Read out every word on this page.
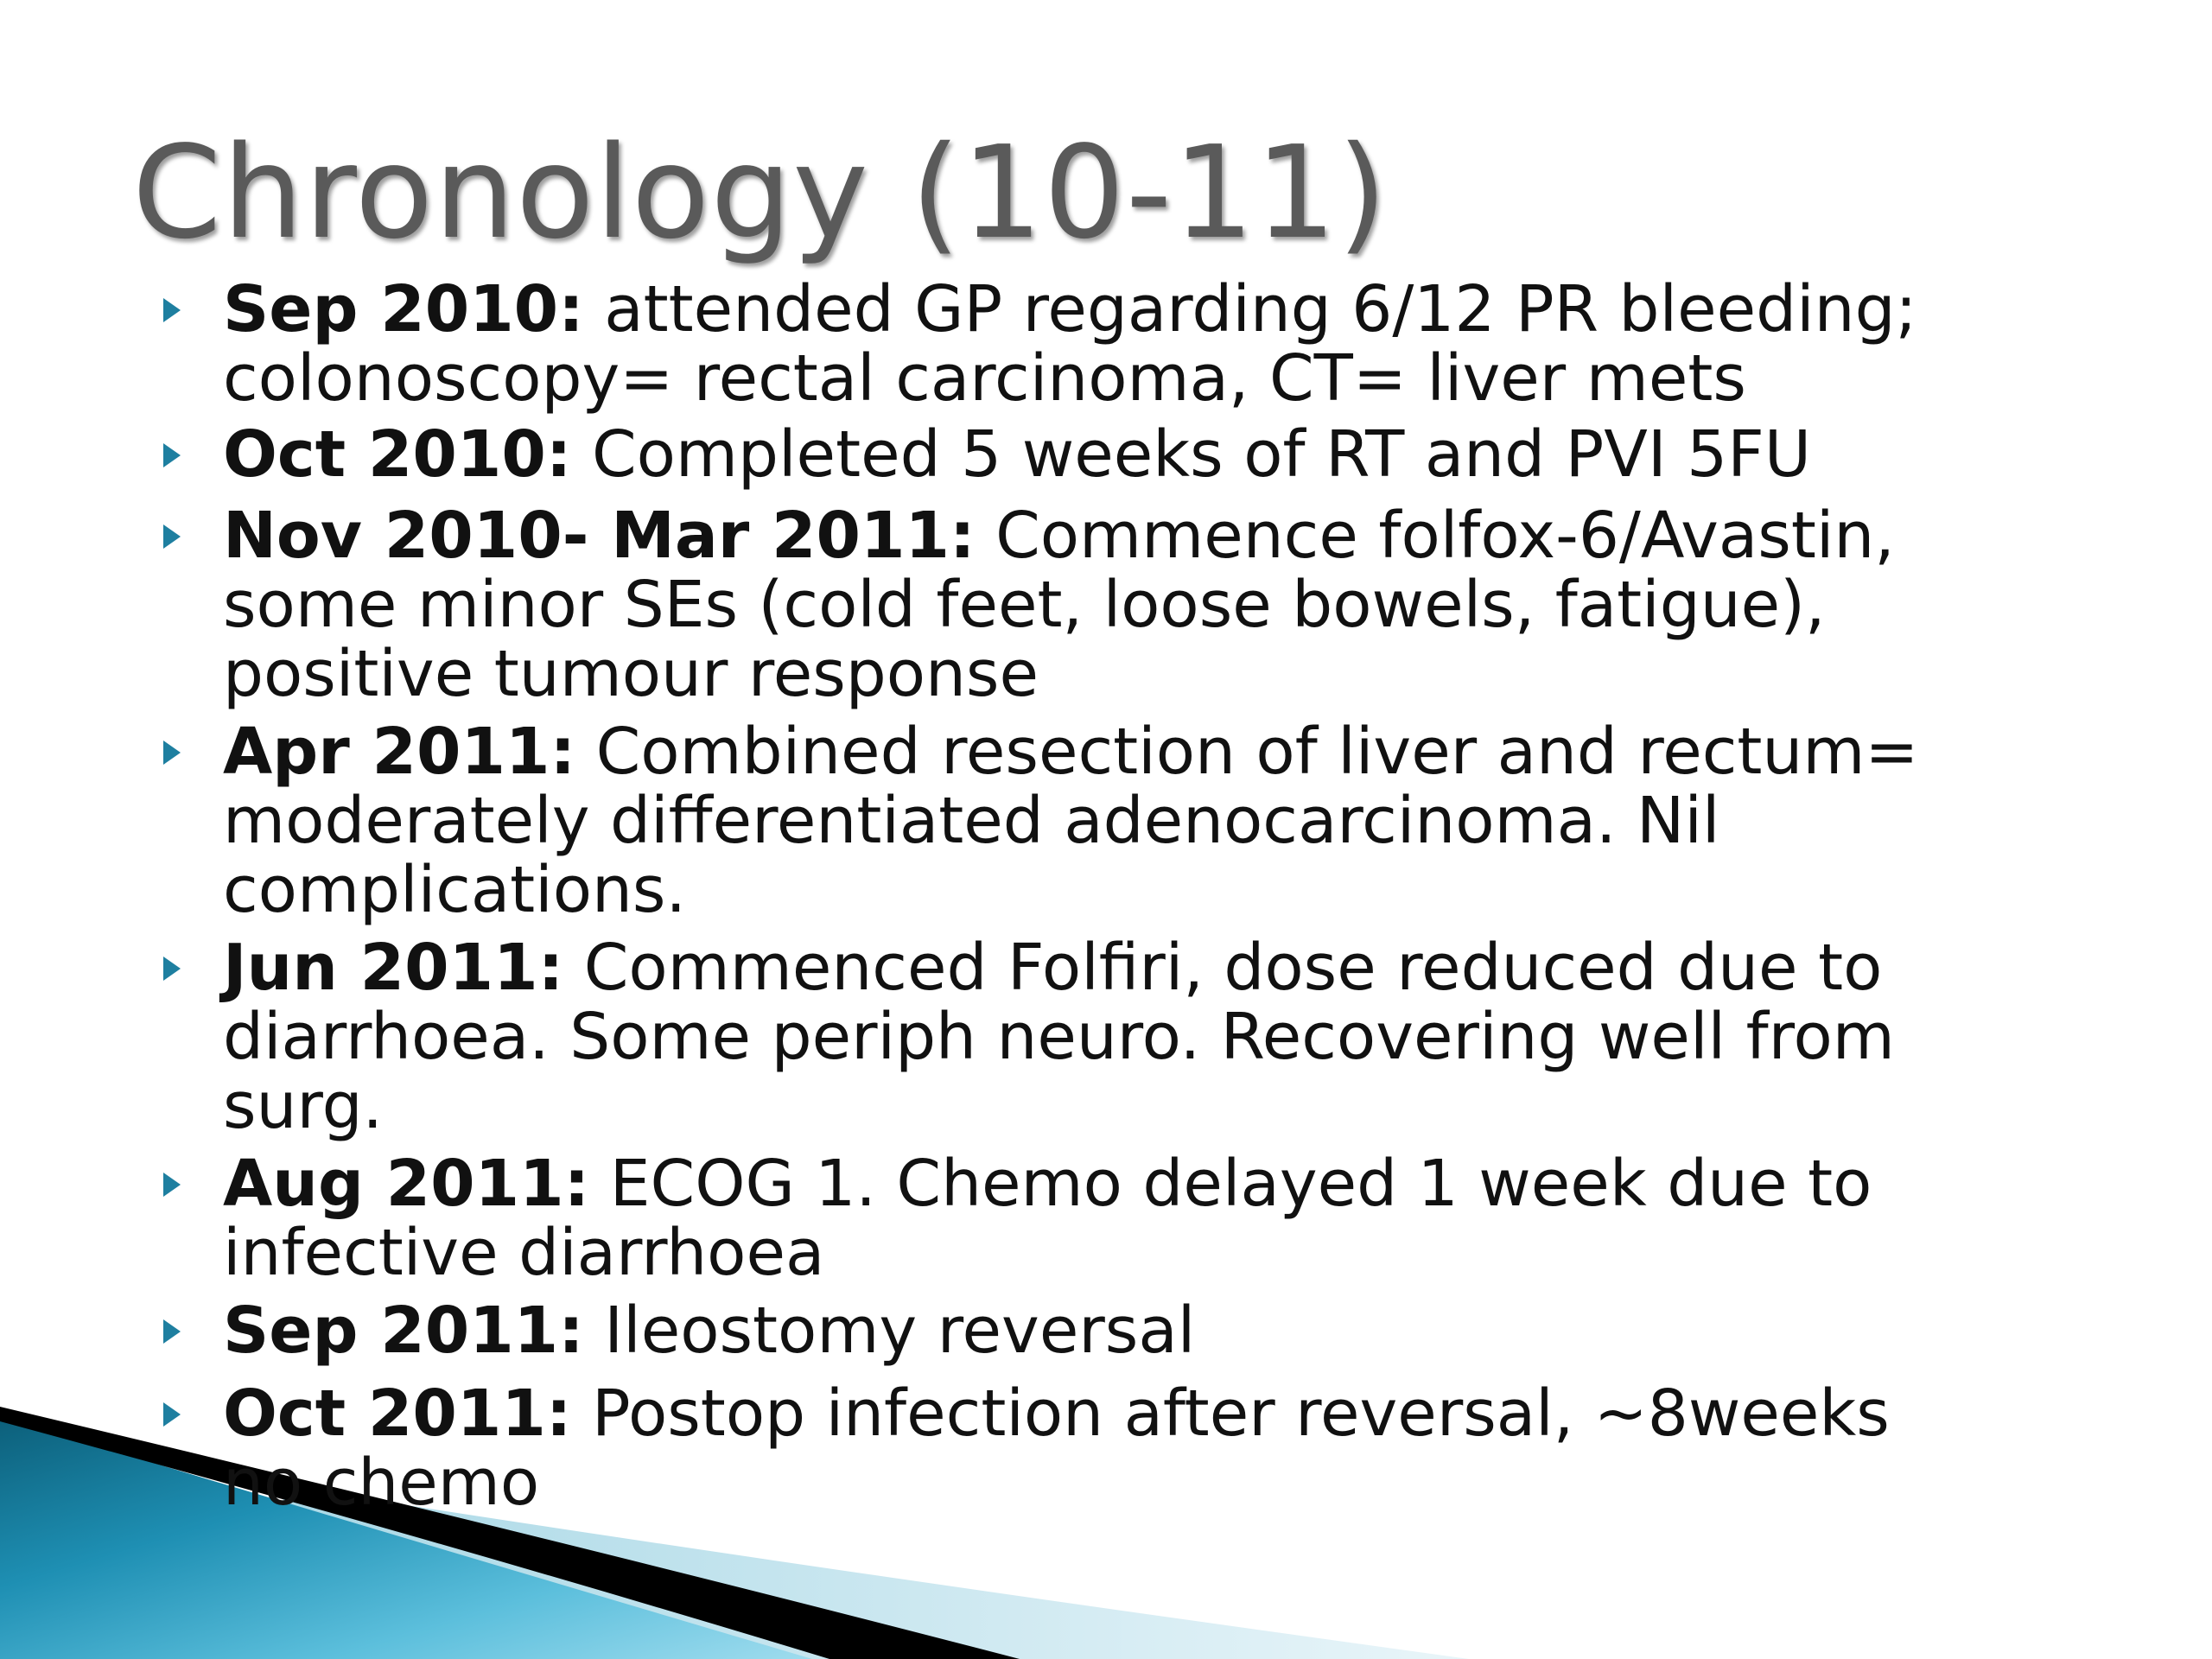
Chronology (10-11)
Sep 2010: attended GP regarding 6/12 PR bleeding;
colonoscopy= rectal carcinoma, CT= liver mets
Oct 2010: Completed 5 weeks of RT and PVI 5FU
Nov 2010- Mar 2011: Commence folfox-6/Avastin,
some minor SEs (cold feet, loose bowels, fatigue),
positive tumour response
Apr 2011: Combined resection of liver and rectum=
moderately differentiated adenocarcinoma. Nil
complications.
Jun 2011: Commenced Folfiri, dose reduced due to
diarrhoea. Some periph neuro. Recovering well from
surg.
Aug 2011: ECOG 1. Chemo delayed 1 week due to
infective diarrhoea
Sep 2011: Ileostomy reversal
Oct 2011: Postop infection after reversal, ~8weeks
no chemo
